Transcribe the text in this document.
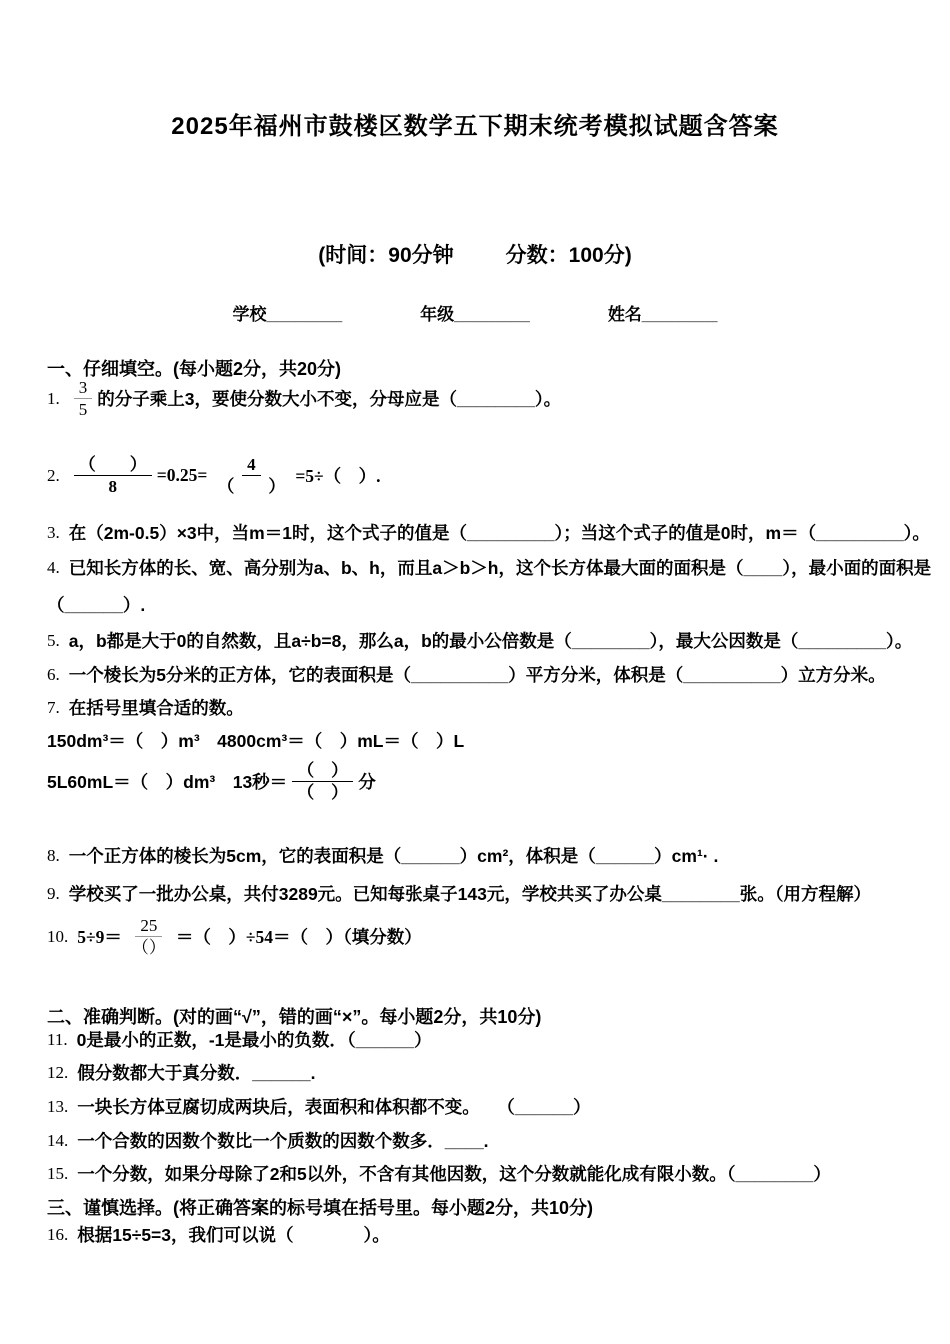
2025年福州市鼓楼区数学五下期末统考模拟试题含答案
(时间：90分钟 分数：100分)
学校________	年级________	姓名________
一、仔细填空。(每小题2分，共20分)
1. $\frac{3}{5}$ 的分子乘上3，要使分数大小不变，分母应是（________）。
2. $\frac{( )}{8} =0.25= \frac{4}{( )} =5\div$（　）.
3. 在（2m-0.5）×3中，当m＝1时，这个式子的值是（_________）；当这个式子的值是0时，m＝（_________）。
4. 已知长方体的长、宽、高分别为a、b、h，而且a＞b＞h，这个长方体最大面的面积是（____），最小面的面积是
（______）.
5. a，b都是大于0的自然数，且a÷b=8，那么a，b的最小公倍数是（________），最大公因数是（_________）。
6. 一个棱长为5分米的正方体，它的表面积是（__________）平方分米，体积是（__________）立方分米。
7. 在括号里填合适的数。
150dm³＝（　）m³　4800cm³＝（　）mL＝（　）L
5L60mL＝（　）dm³　13秒＝ $\frac{( )}{( )}$ 分
8. 一个正方体的棱长为5cm，它的表面积是（______）cm²，体积是（______）cm¹· .
9. 学校买了一批办公桌，共付3289元。已知每张桌子143元，学校共买了办公桌________张。（用方程解）
10. $5\div 9= \frac{25}{()}$ ＝（　）÷54＝（　）（填分数）
二、准确判断。(对的画“√”，错的画“×”。每小题2分，共10分)
11. 0是最小的正数，-1是最小的负数．（______）
12. 假分数都大于真分数．______.
13. 一块长方体豆腐切成两块后，表面积和体积都不变。　　（______）
14. 一个合数的因数个数比一个质数的因数个数多．____.
15. 一个分数，如果分母除了2和5以外，不含有其他因数，这个分数就能化成有限小数。（________）
三、谨慎选择。(将正确答案的标号填在括号里。每小题2分，共10分)
16. 根据15÷5=3，我们可以说（　　　　）。
